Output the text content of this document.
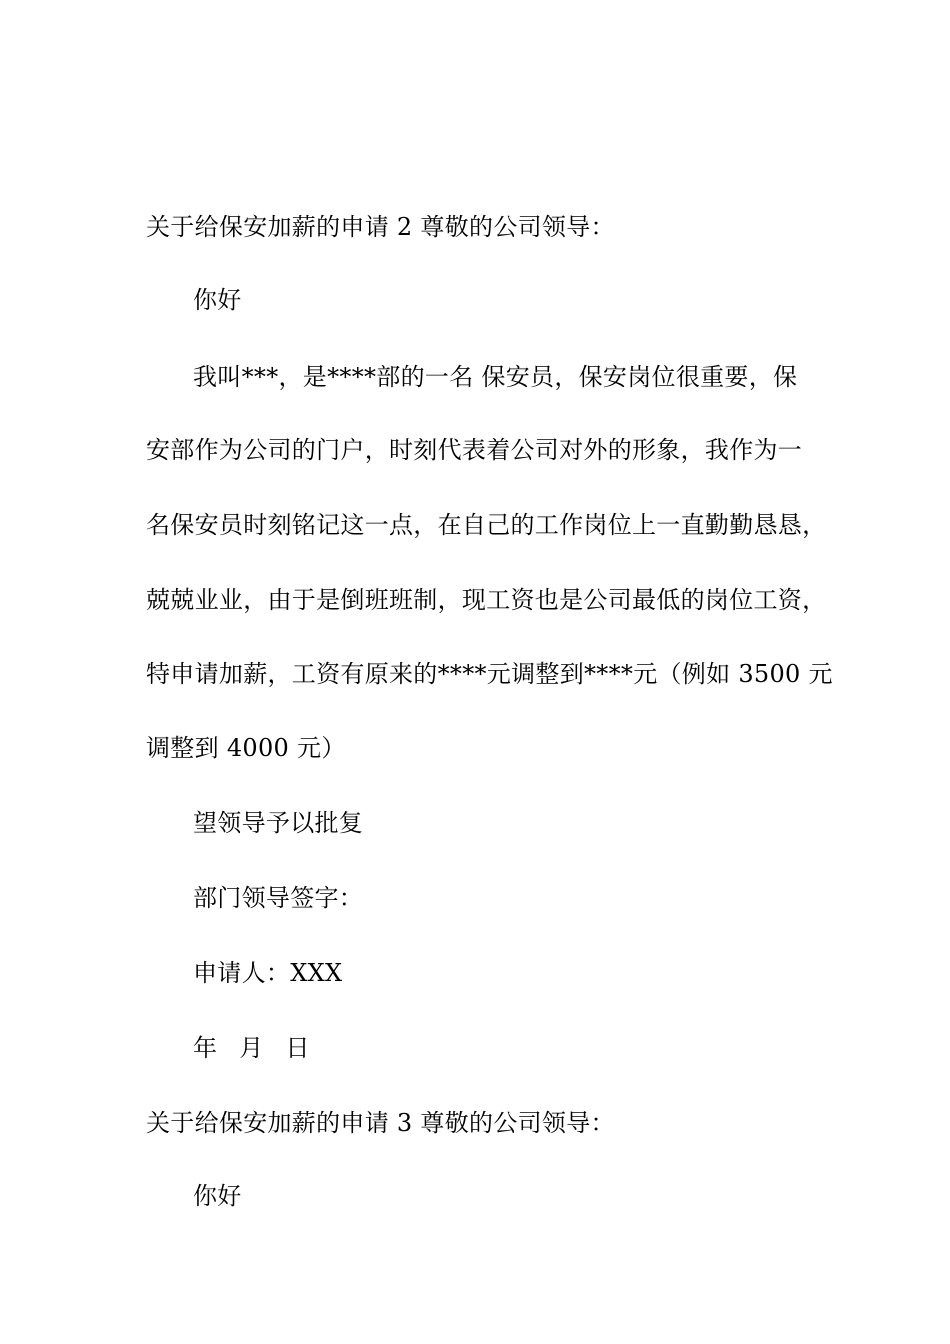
关于给保安加薪的申请 2 尊敬的公司领导：
你好
我叫***，是****部的一名 保安员，保安岗位很重要，保
安部作为公司的门户，时刻代表着公司对外的形象，我作为一
名保安员时刻铭记这一点，在自己的工作岗位上一直勤勤恳恳，
兢兢业业，由于是倒班班制，现工资也是公司最低的岗位工资，
特申请加薪，工资有原来的****元调整到****元（例如 3500 元
调整到 4000 元）
望领导予以批复
部门领导签字：
申请人：XXX
年 月 日
关于给保安加薪的申请 3 尊敬的公司领导：
你好
